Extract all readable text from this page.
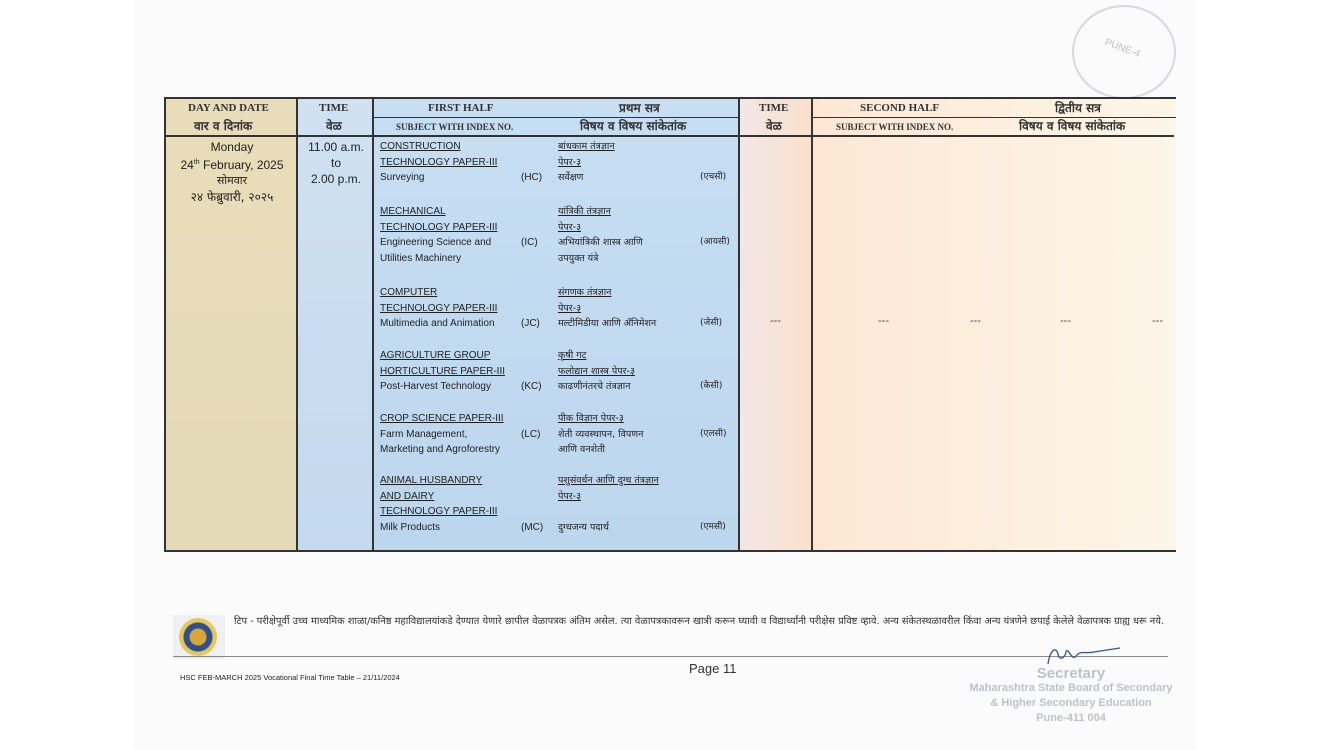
PUNE-4
DAY AND DATE
वार व दिनांक
TIME
वेळ
FIRST HALF	प्रथम सत्र
SUBJECT WITH INDEX NO.	विषय व विषय सांकेतांक
TIME
वेळ
SECOND HALF	द्वितीय सत्र
SUBJECT WITH INDEX NO.	विषय व विषय सांकेतांक
Monday
24th February, 2025
सोमवार
२४ फेब्रुवारी, २०२५
11.00 a.m.
to
2.00 p.m.
CONSTRUCTION	बांधकाम तंत्रज्ञान
TECHNOLOGY PAPER-III	पेपर-३
Surveying	(HC) सर्वेक्षण	(एचसी)
MECHANICAL	यांत्रिकी तंत्रज्ञान
TECHNOLOGY PAPER-III	पेपर-३
Engineering Science and	(IC) अभियांत्रिकी शास्त्र आणि	(आयसी)
Utilities Machinery	उपयुक्त यंत्रे
COMPUTER	संगणक तंत्रज्ञान
TECHNOLOGY PAPER-III	पेपर-३
Multimedia and Animation	(JC) मल्टीमिडीया आणि ॲनिमेशन	(जेसी)
AGRICULTURE GROUP	कृषी गट
HORTICULTURE PAPER-III	फलोद्यान शास्त्र पेपर-३
Post-Harvest Technology	(KC) काढणीनंतरचे तंत्रज्ञान	(केसी)
CROP SCIENCE PAPER-III	पीक विज्ञान पेपर-३
Farm Management,	(LC) शेती व्यवस्थापन, विपणन	(एलसी)
Marketing and Agroforestry	आणि वनशेती
ANIMAL HUSBANDRY	पशुसंवर्धन आणि दुग्ध तंत्रज्ञान
AND DAIRY	पेपर-३
TECHNOLOGY PAPER-III
Milk Products	(MC) दुग्धजन्य पदार्थ	(एमसी)
---	---	---	---	---
टिप - परीक्षेपूर्वी उच्च माध्यमिक शाळा/कनिष्ठ महाविद्यालयांकडे देण्यात येणारे छापील वेळापत्रक अंतिम असेल. त्या वेळापत्रकावरून खात्री करून घ्यावी व विद्यार्थ्यांनी परीक्षेस प्रविष्ट व्हावे. अन्य संकेतस्थळावरील किंवा अन्य यंत्रणेने छपाई केलेले वेळापत्रक ग्राह्य धरू नये.
Page 11
HSC FEB-MARCH 2025 Vocational Final Time Table – 21/11/2024	Secretary
Maharashtra State Board of Secondary
& Higher Secondary Education
Pune-411 004
